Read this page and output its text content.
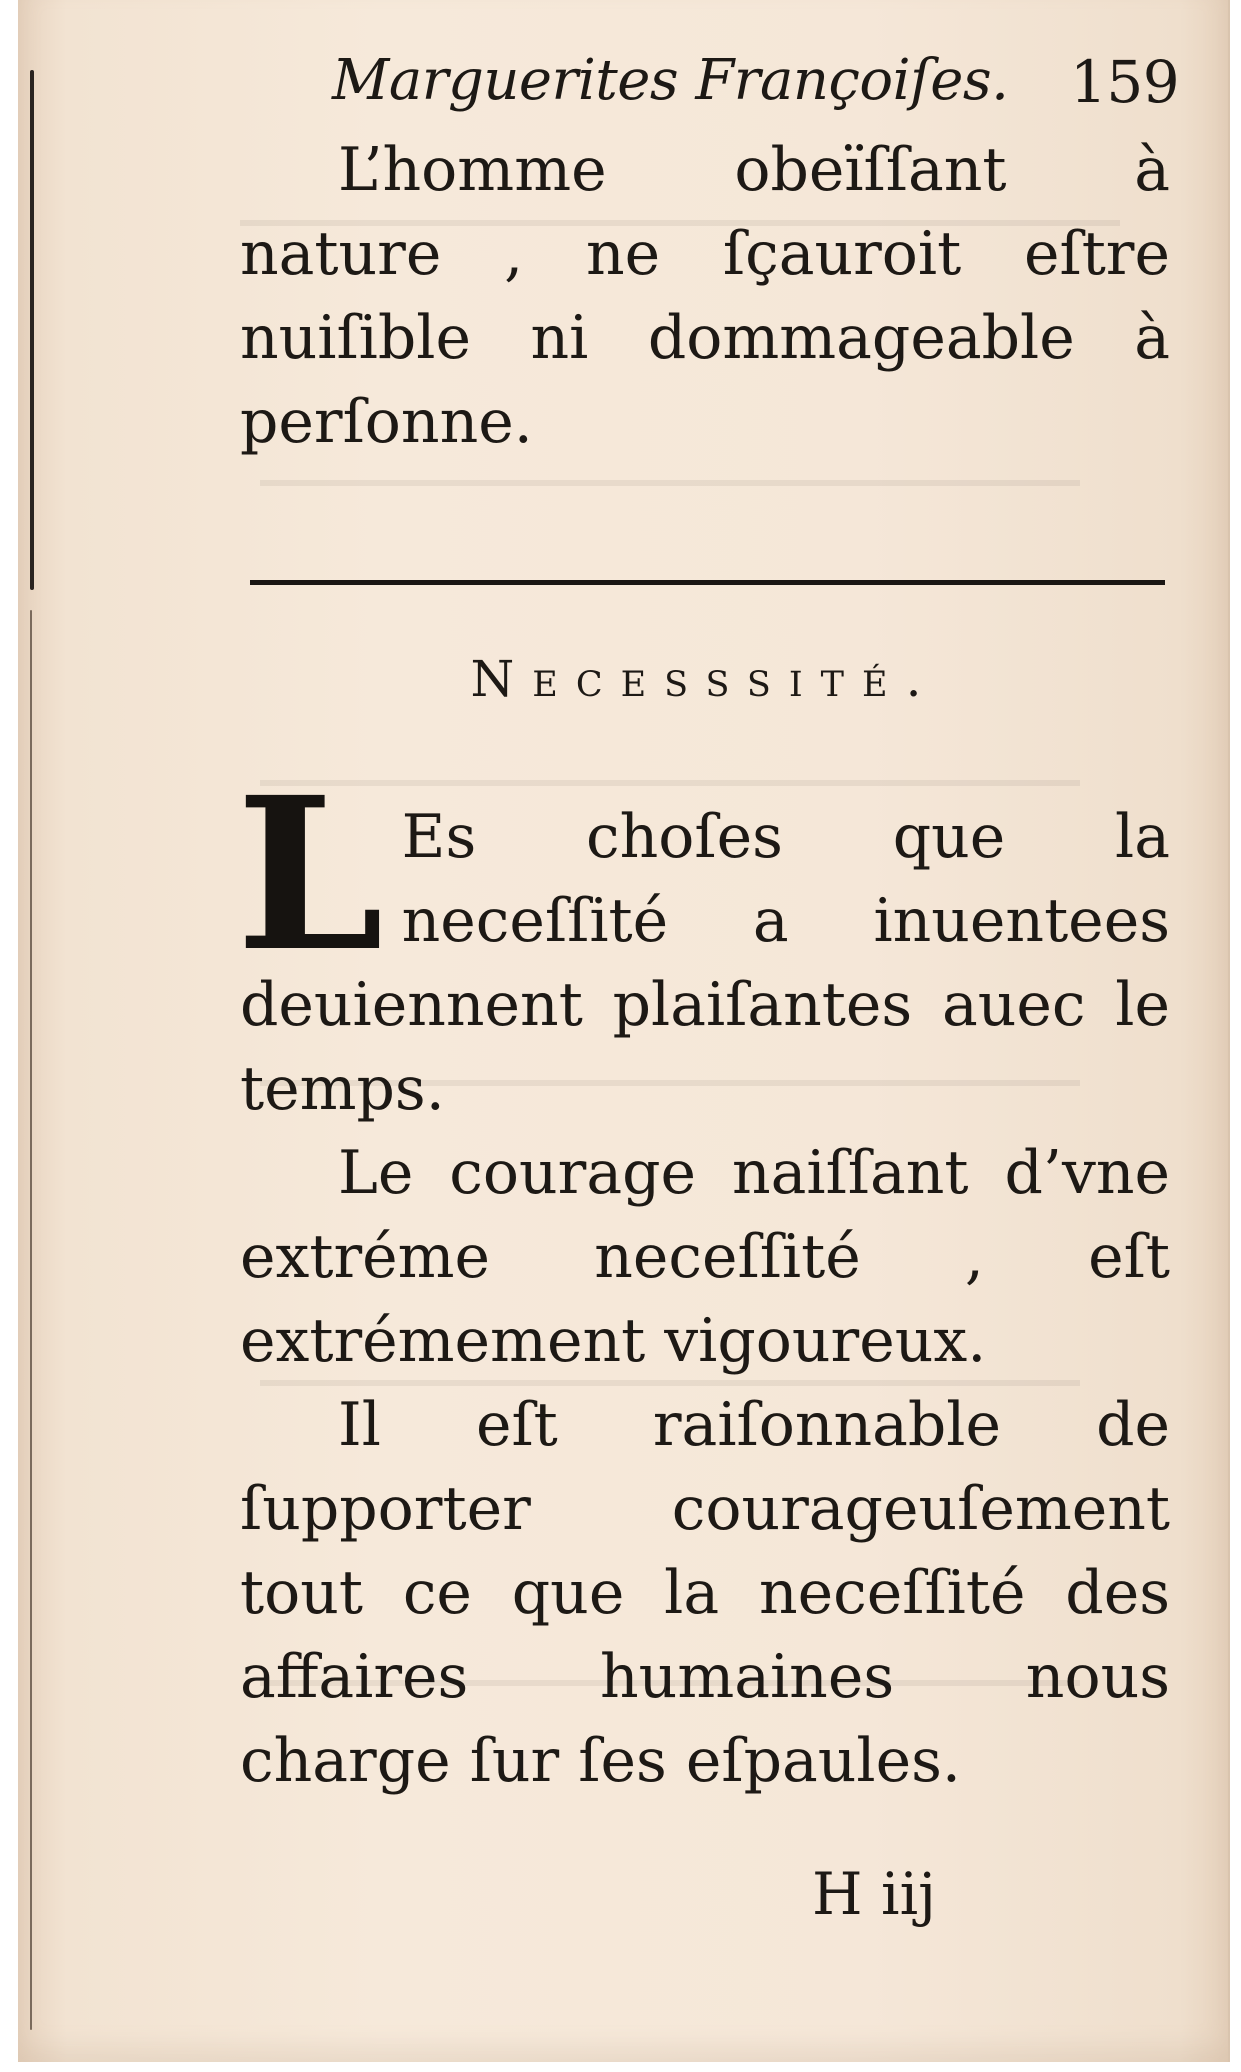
Marguerites Françoiſes. 159

L’homme obeïſſant à nature , ne ſçauroit eſtre nuiſible ni dommageable à perſonne.

Necesssité.

L Es choſes que la neceſſité a inuentees deuiennent plaiſantes auec le temps.

Le courage naiſſant d’vne extréme neceſſité , eſt extrémement vigoureux.

Il eſt raiſonnable de ſupporter courageuſement tout ce que la neceſſité des affaires humaines nous charge ſur ſes eſpaules.

H iij
